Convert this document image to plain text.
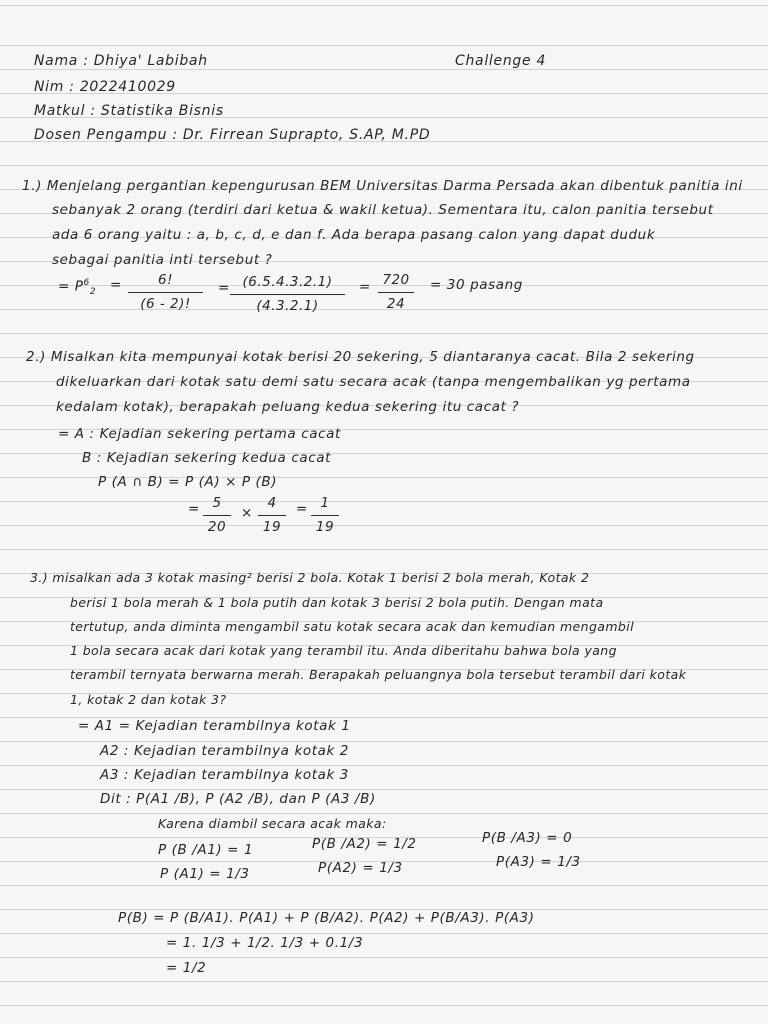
Nama : Dhiya' Labibah	Challenge 4
Nim : 2022410029
Matkul : Statistika Bisnis
Dosen Pengampu : Dr. Firrean Suprapto, S.AP, M.PD
1.) Menjelang pergantian kepengurusan BEM Universitas Darma Persada akan dibentuk panitia ini
sebanyak 2 orang (terdiri dari ketua & wakil ketua). Sementara itu, calon panitia tersebut
ada 6 orang yaitu : a, b, c, d, e dan f. Ada berapa pasang calon yang dapat duduk
sebagai panitia inti tersebut ?
= $P^6_2$ =	6!
(6 - 2)!
= (6.5.4.3.2.1)
(4.3.2.1)
= 720
24
= 30 pasang
2.) Misalkan kita mempunyai kotak berisi 20 sekering, 5 diantaranya cacat. Bila 2 sekering
dikeluarkan dari kotak satu demi satu secara acak (tanpa mengembalikan yg pertama
kedalam kotak), berapakah peluang kedua sekering itu cacat ?
= A : Kejadian sekering pertama cacat
B : Kejadian sekering kedua cacat
P (A ∩ B) = P (A) × P (B)
= 5
20
×
4
19
= 1
19
3.) misalkan ada 3 kotak masing² berisi 2 bola. Kotak 1 berisi 2 bola merah, Kotak 2
berisi 1 bola merah & 1 bola putih dan kotak 3 berisi 2 bola putih. Dengan mata
tertutup, anda diminta mengambil satu kotak secara acak dan kemudian mengambil
1 bola secara acak dari kotak yang terambil itu. Anda diberitahu bahwa bola yang
terambil ternyata berwarna merah. Berapakah peluangnya bola tersebut terambil dari kotak
1, kotak 2 dan kotak 3?
= A1 = Kejadian terambilnya kotak 1
A2 : Kejadian terambilnya kotak 2
A3 : Kejadian terambilnya kotak 3
Dit : P(A1 /B), P (A2 /B), dan P (A3 /B)
Karena diambil secara acak maka:
P (B /A1) = 1	P(B /A2) = 1/2	P(B /A3) = 0
P (A1) = 1/3	P(A2) = 1/3	P(A3) = 1/3
P(B) = P (B/A1). P(A1) + P (B/A2). P(A2) + P(B/A3). P(A3)
= 1. 1/3 + 1/2. 1/3 + 0.1/3
= 1/2
